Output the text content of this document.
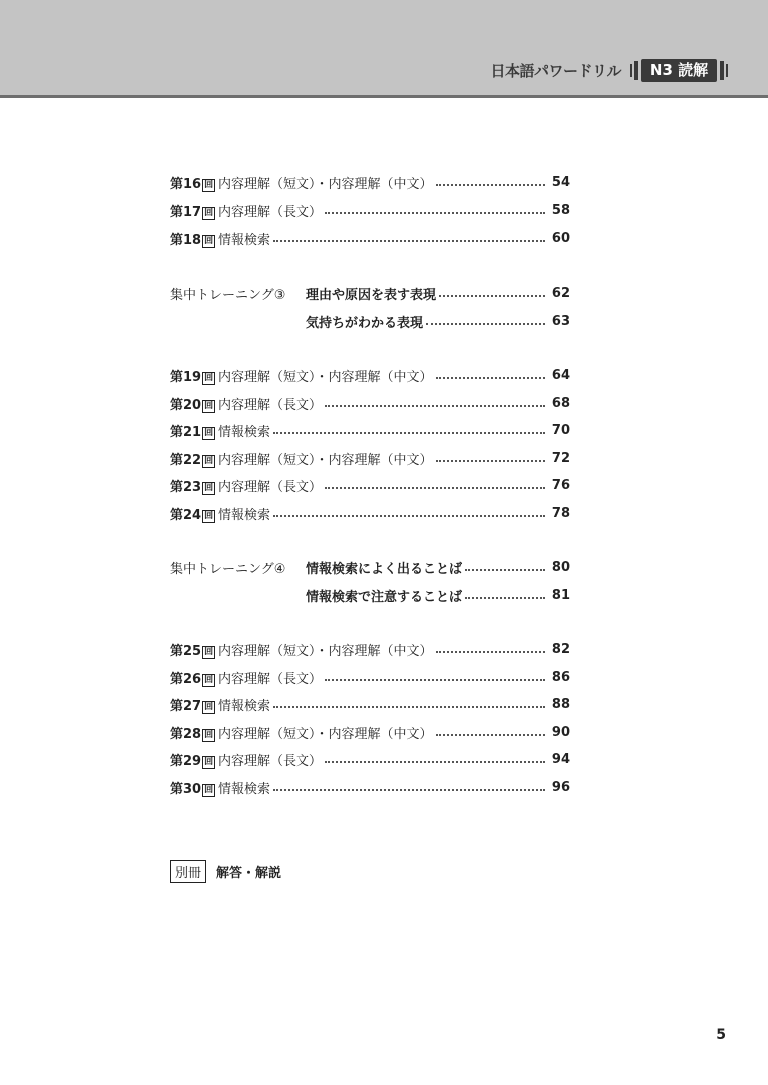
日本語パワードリル	N3 読解
第16 回 内容理解（短文）・内容理解（中文）	54
第17 回 内容理解（長文）	58
第18 回 情報検索	60
集中トレーニング③	理由や原因を表す表現	62
気持ちがわかる表現	63
第19 回 内容理解（短文）・内容理解（中文）	64
第20 回 内容理解（長文）	68
第21 回 情報検索	70
第22 回 内容理解（短文）・内容理解（中文）	72
第23 回 内容理解（長文）	76
第24 回 情報検索	78
集中トレーニング④	情報検索によく出ることば	80
情報検索で注意することば	81
第25 回 内容理解（短文）・内容理解（中文）	82
第26 回 内容理解（長文）	86
第27 回 情報検索	88
第28 回 内容理解（短文）・内容理解（中文）	90
第29 回 内容理解（長文）	94
第30 回 情報検索	96
別冊	解答・解説
5
